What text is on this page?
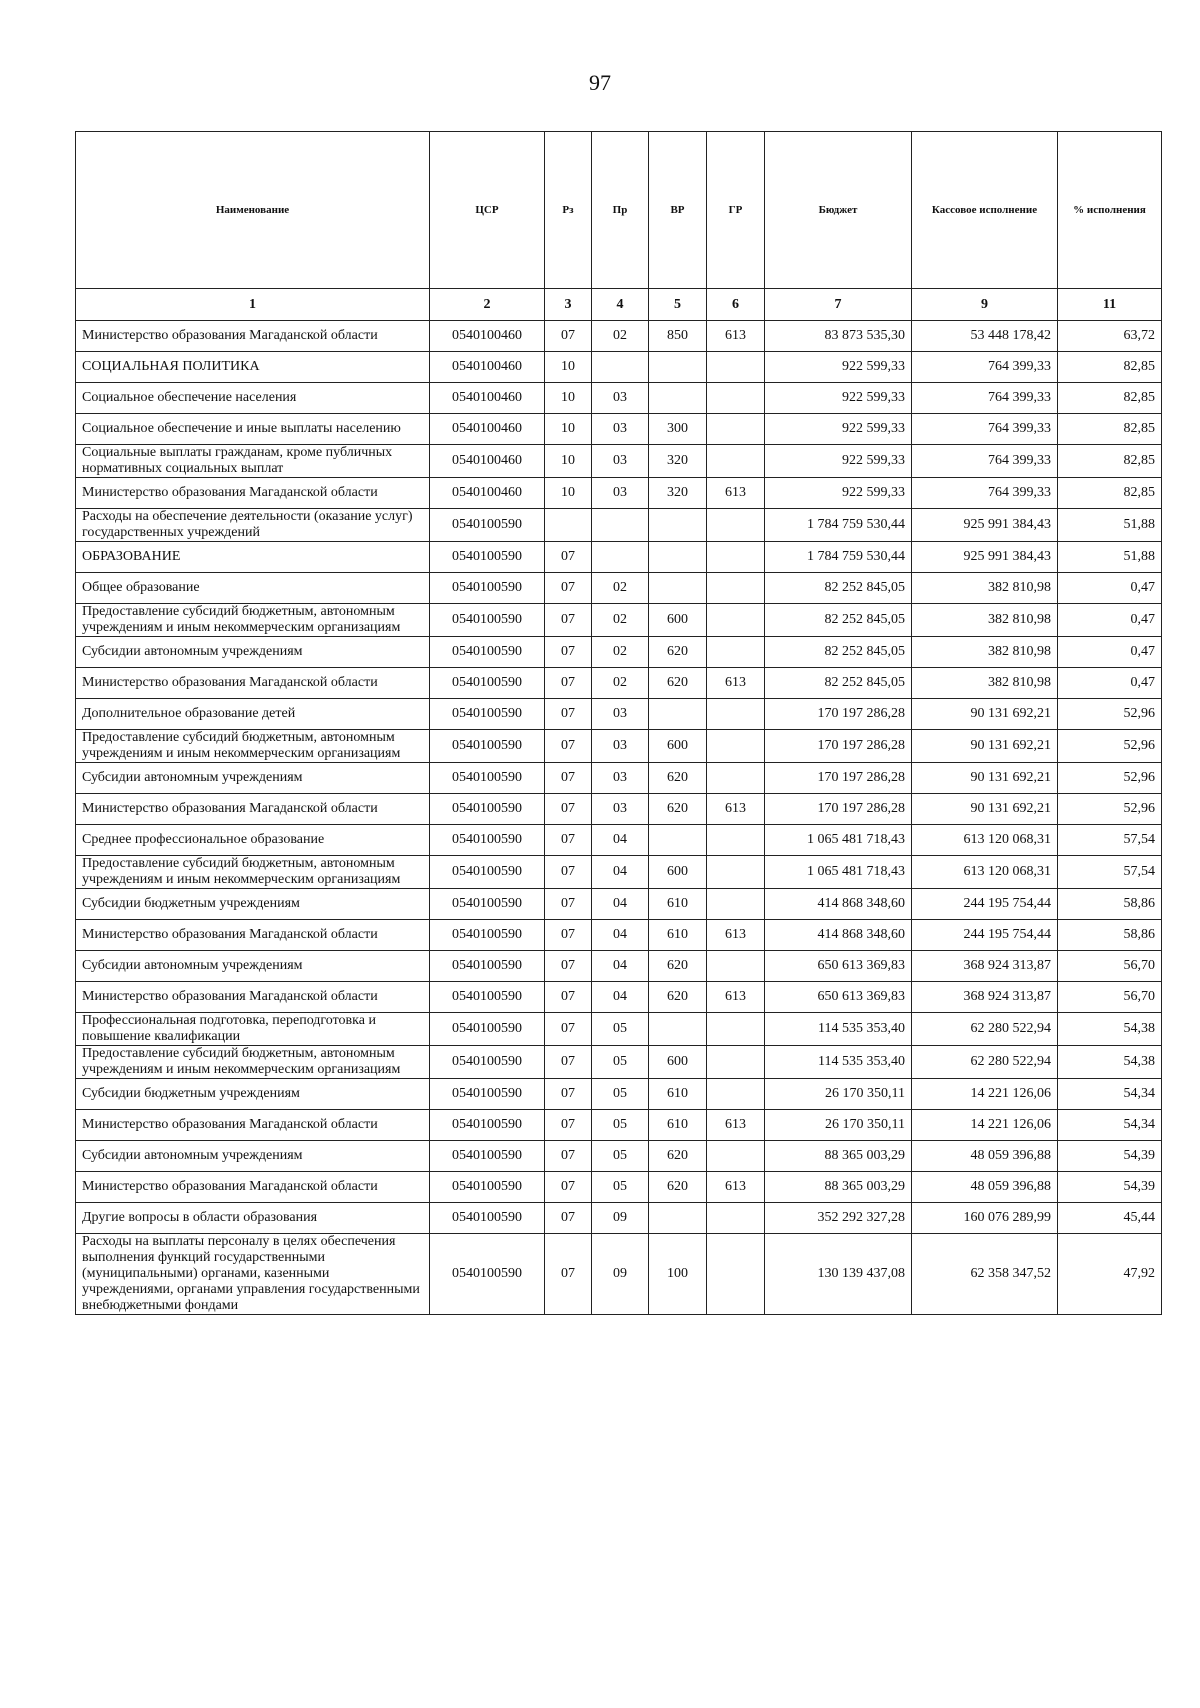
97
Наименование	ЦСР	Рз	Пр	ВР	ГР	Бюджет	Кассовое исполнение	% исполнения
1	2	3	4	5	6	7	9	11
Министерство образования Магаданской области	0540100460	07	02	850	613	83 873 535,30	53 448 178,42	63,72
СОЦИАЛЬНАЯ ПОЛИТИКА	0540100460	10				922 599,33	764 399,33	82,85
Социальное обеспечение населения	0540100460	10	03			922 599,33	764 399,33	82,85
Социальное обеспечение и иные выплаты населению	0540100460	10	03	300		922 599,33	764 399,33	82,85
Социальные выплаты гражданам, кроме публичных нормативных социальных выплат	0540100460	10	03	320		922 599,33	764 399,33	82,85
Министерство образования Магаданской области	0540100460	10	03	320	613	922 599,33	764 399,33	82,85
Расходы на обеспечение деятельности (оказание услуг) государственных учреждений	0540100590					1 784 759 530,44	925 991 384,43	51,88
ОБРАЗОВАНИЕ	0540100590	07				1 784 759 530,44	925 991 384,43	51,88
Общее образование	0540100590	07	02			82 252 845,05	382 810,98	0,47
Предоставление субсидий бюджетным, автономным учреждениям и иным некоммерческим организациям	0540100590	07	02	600		82 252 845,05	382 810,98	0,47
Субсидии автономным учреждениям	0540100590	07	02	620		82 252 845,05	382 810,98	0,47
Министерство образования Магаданской области	0540100590	07	02	620	613	82 252 845,05	382 810,98	0,47
Дополнительное образование детей	0540100590	07	03			170 197 286,28	90 131 692,21	52,96
Предоставление субсидий бюджетным, автономным учреждениям и иным некоммерческим организациям	0540100590	07	03	600		170 197 286,28	90 131 692,21	52,96
Субсидии автономным учреждениям	0540100590	07	03	620		170 197 286,28	90 131 692,21	52,96
Министерство образования Магаданской области	0540100590	07	03	620	613	170 197 286,28	90 131 692,21	52,96
Среднее профессиональное образование	0540100590	07	04			1 065 481 718,43	613 120 068,31	57,54
Предоставление субсидий бюджетным, автономным учреждениям и иным некоммерческим организациям	0540100590	07	04	600		1 065 481 718,43	613 120 068,31	57,54
Субсидии бюджетным учреждениям	0540100590	07	04	610		414 868 348,60	244 195 754,44	58,86
Министерство образования Магаданской области	0540100590	07	04	610	613	414 868 348,60	244 195 754,44	58,86
Субсидии автономным учреждениям	0540100590	07	04	620		650 613 369,83	368 924 313,87	56,70
Министерство образования Магаданской области	0540100590	07	04	620	613	650 613 369,83	368 924 313,87	56,70
Профессиональная подготовка, переподготовка и повышение квалификации	0540100590	07	05			114 535 353,40	62 280 522,94	54,38
Предоставление субсидий бюджетным, автономным учреждениям и иным некоммерческим организациям	0540100590	07	05	600		114 535 353,40	62 280 522,94	54,38
Субсидии бюджетным учреждениям	0540100590	07	05	610		26 170 350,11	14 221 126,06	54,34
Министерство образования Магаданской области	0540100590	07	05	610	613	26 170 350,11	14 221 126,06	54,34
Субсидии автономным учреждениям	0540100590	07	05	620		88 365 003,29	48 059 396,88	54,39
Министерство образования Магаданской области	0540100590	07	05	620	613	88 365 003,29	48 059 396,88	54,39
Другие вопросы в области образования	0540100590	07	09			352 292 327,28	160 076 289,99	45,44
Расходы на выплаты персоналу в целях обеспечения выполнения функций государственными (муниципальными) органами, казенными учреждениями, органами управления государственными внебюджетными фондами	0540100590	07	09	100		130 139 437,08	62 358 347,52	47,92
